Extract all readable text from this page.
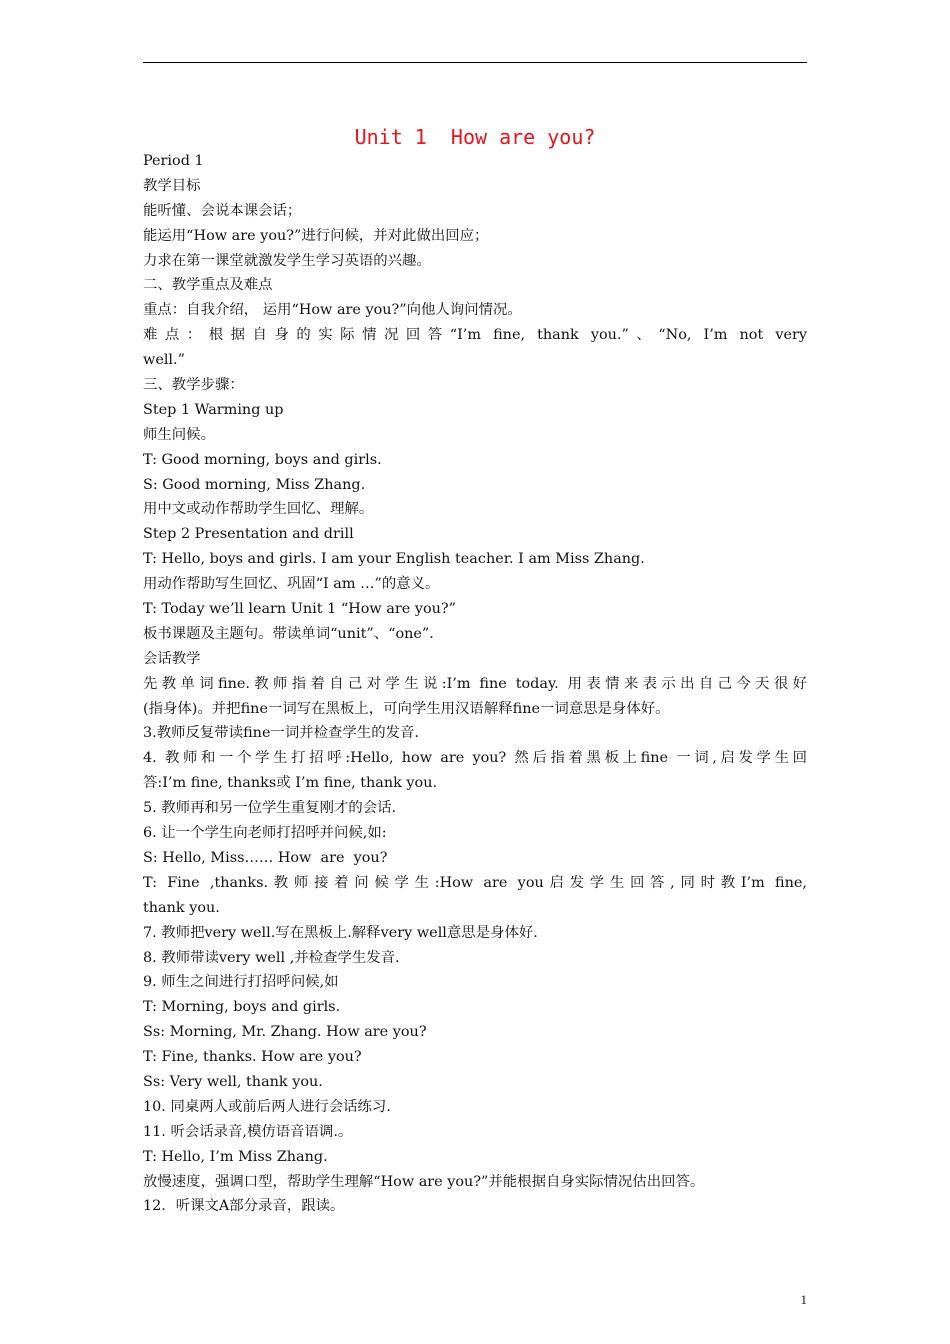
Unit 1  How are you?
Period 1
教学目标
能听懂、会说本课会话；
能运用“How are you?”进行问候，并对此做出回应；
力求在第一课堂就激发学生学习英语的兴趣。
二、教学重点及难点
重点：自我介绍， 运用“How are you?”向他人询问情况。
难点：根据自身的实际情况回答“I’m fine, thank you.”、“No, I’m not very
well.”
三、教学步骤：
Step 1 Warming up
师生问候。
T: Good morning, boys and girls.
S: Good morning, Miss Zhang.
用中文或动作帮助学生回忆、理解。
Step 2 Presentation and drill
T: Hello, boys and girls. I am your English teacher. I am Miss Zhang.
用动作帮助写生回忆、巩固“I am …”的意义。
T: Today we’ll learn Unit 1 “How are you?”
板书课题及主题句。带读单词“unit”、“one”.
会话教学
先教单词fine.教师指着自己对学生说:I’m fine today. 用表情来表示出自己今天很好
(指身体)。并把fine一词写在黑板上，可向学生用汉语解释fine一词意思是身体好。
3.教师反复带读fine一词并检查学生的发音.
4. 教师和一个学生打招呼:Hello, how are you? 然后指着黑板上fine 一词,启发学生回
答:I’m fine, thanks或 I’m fine, thank you.
5. 教师再和另一位学生重复刚才的会话.
6. 让一个学生向老师打招呼并问候,如:
S: Hello, Miss…… How  are  you?
T: Fine ,thanks.教师接着问候学生:How are you启发学生回答,同时教I’m fine,
thank you.
7. 教师把very well.写在黑板上.解释very well意思是身体好.
8. 教师带读very well ,并检查学生发音.
9. 师生之间进行打招呼问候,如
T: Morning, boys and girls.
Ss: Morning, Mr. Zhang. How are you?
T: Fine, thanks. How are you?
Ss: Very well, thank you.
10. 同桌两人或前后两人进行会话练习.
11. 听会话录音,模仿语音语调.。
T: Hello, I’m Miss Zhang.
放慢速度，强调口型，帮助学生理解“How are you?”并能根据自身实际情况估出回答。
12．听课文A部分录音，跟读。
1
